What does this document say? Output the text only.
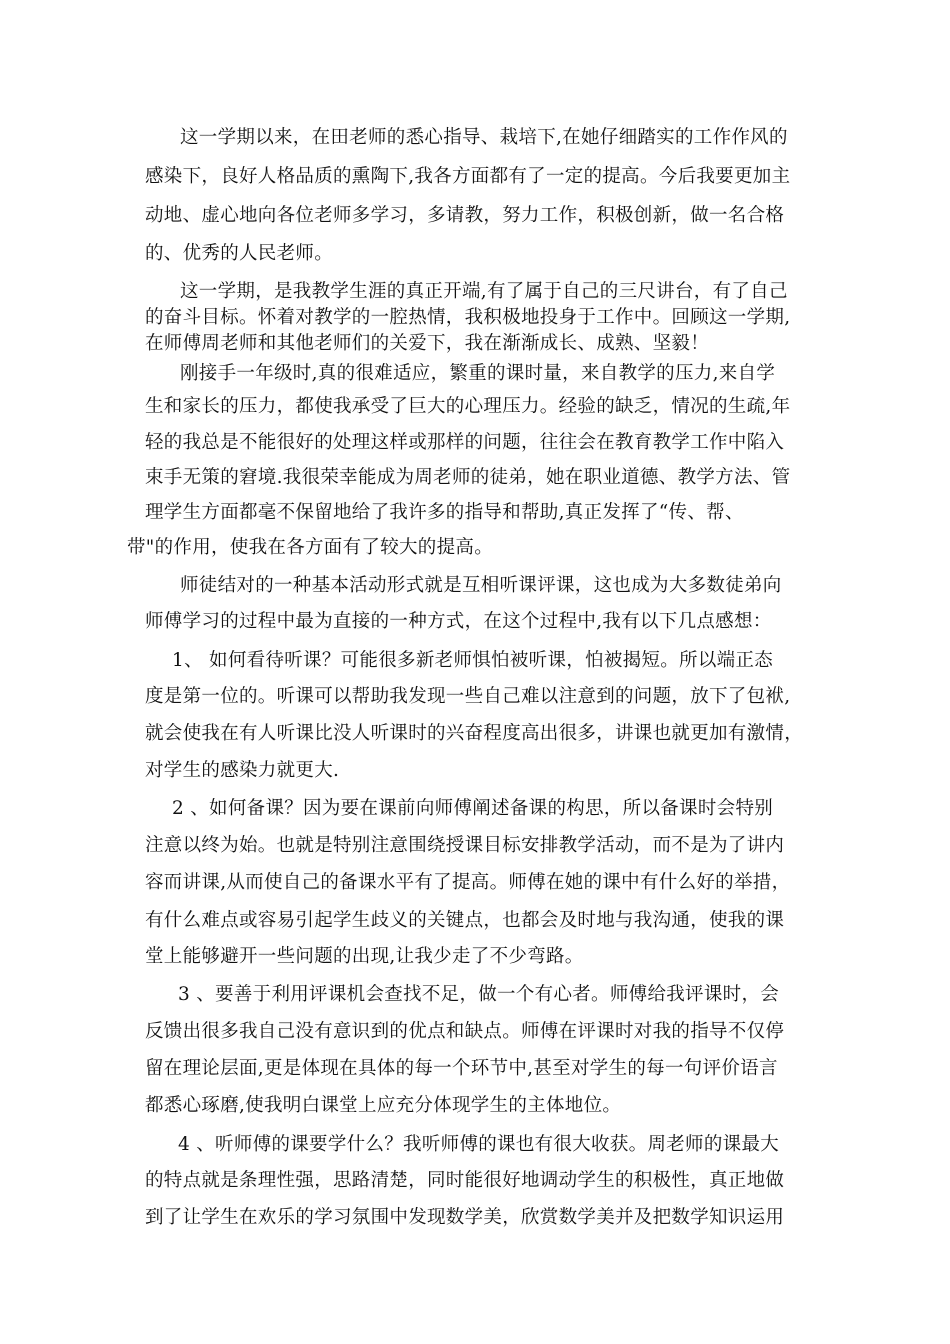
这一学期以来，在田老师的悉心指导、栽培下,在她仔细踏实的工作作风的
感染下，良好人格品质的熏陶下,我各方面都有了一定的提高。今后我要更加主
动地、虚心地向各位老师多学习，多请教，努力工作，积极创新，做一名合格
的、优秀的人民老师。
这一学期，是我教学生涯的真正开端,有了属于自己的三尺讲台，有了自己
的奋斗目标。怀着对教学的一腔热情，我积极地投身于工作中。回顾这一学期,
在师傅周老师和其他老师们的关爱下，我在渐渐成长、成熟、坚毅！
刚接手一年级时,真的很难适应，繁重的课时量，来自教学的压力,来自学
生和家长的压力，都使我承受了巨大的心理压力。经验的缺乏，情况的生疏,年
轻的我总是不能很好的处理这样或那样的问题，往往会在教育教学工作中陷入
束手无策的窘境.我很荣幸能成为周老师的徒弟，她在职业道德、教学方法、管
理学生方面都毫不保留地给了我许多的指导和帮助,真正发挥了“传、帮、
带"的作用，使我在各方面有了较大的提高。
师徒结对的一种基本活动形式就是互相听课评课，这也成为大多数徒弟向
师傅学习的过程中最为直接的一种方式，在这个过程中,我有以下几点感想：
1、 如何看待听课？可能很多新老师惧怕被听课，怕被揭短。所以端正态
度是第一位的。听课可以帮助我发现一些自己难以注意到的问题，放下了包袱,
就会使我在有人听课比没人听课时的兴奋程度高出很多，讲课也就更加有激情，
对学生的感染力就更大.
2 、如何备课？因为要在课前向师傅阐述备课的构思，所以备课时会特别
注意以终为始。也就是特别注意围绕授课目标安排教学活动，而不是为了讲内
容而讲课,从而使自己的备课水平有了提高。师傅在她的课中有什么好的举措，
有什么难点或容易引起学生歧义的关键点，也都会及时地与我沟通，使我的课
堂上能够避开一些问题的出现,让我少走了不少弯路。
3 、要善于利用评课机会查找不足，做一个有心者。师傅给我评课时，会
反馈出很多我自己没有意识到的优点和缺点。师傅在评课时对我的指导不仅停
留在理论层面,更是体现在具体的每一个环节中,甚至对学生的每一句评价语言
都悉心琢磨,使我明白课堂上应充分体现学生的主体地位。
4 、听师傅的课要学什么？我听师傅的课也有很大收获。周老师的课最大
的特点就是条理性强，思路清楚，同时能很好地调动学生的积极性，真正地做
到了让学生在欢乐的学习氛围中发现数学美，欣赏数学美并及把数学知识运用
